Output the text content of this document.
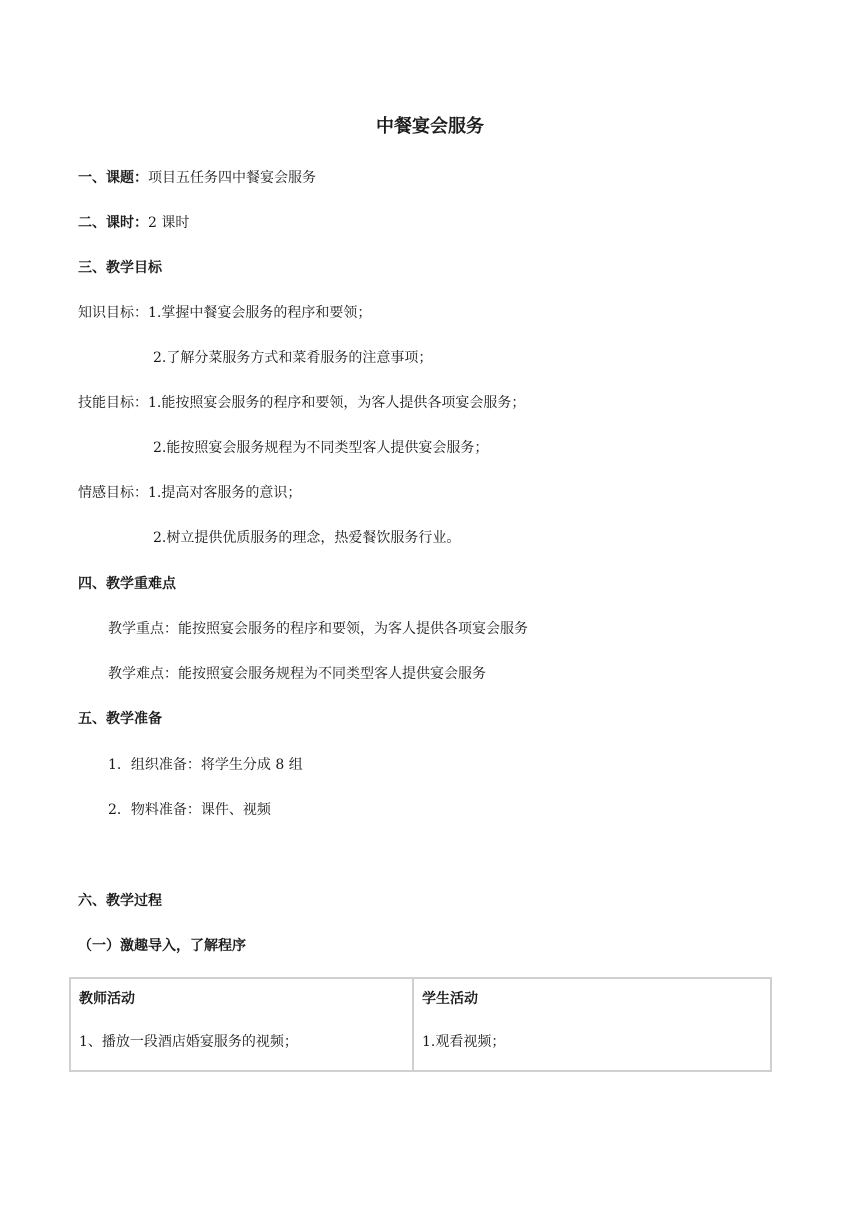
中餐宴会服务
一、课题：项目五任务四中餐宴会服务
二、课时：2 课时
三、教学目标
知识目标：1.掌握中餐宴会服务的程序和要领；
2.了解分菜服务方式和菜肴服务的注意事项；
技能目标：1.能按照宴会服务的程序和要领，为客人提供各项宴会服务；
2.能按照宴会服务规程为不同类型客人提供宴会服务；
情感目标：1.提高对客服务的意识；
2.树立提供优质服务的理念，热爱餐饮服务行业。
四、教学重难点
教学重点：能按照宴会服务的程序和要领，为客人提供各项宴会服务
教学难点：能按照宴会服务规程为不同类型客人提供宴会服务
五、教学准备
1．组织准备：将学生分成 8 组
2．物料准备：课件、视频
六、教学过程
（一）激趣导入，了解程序
教师活动
1、播放一段酒店婚宴服务的视频；
学生活动
1.观看视频；
